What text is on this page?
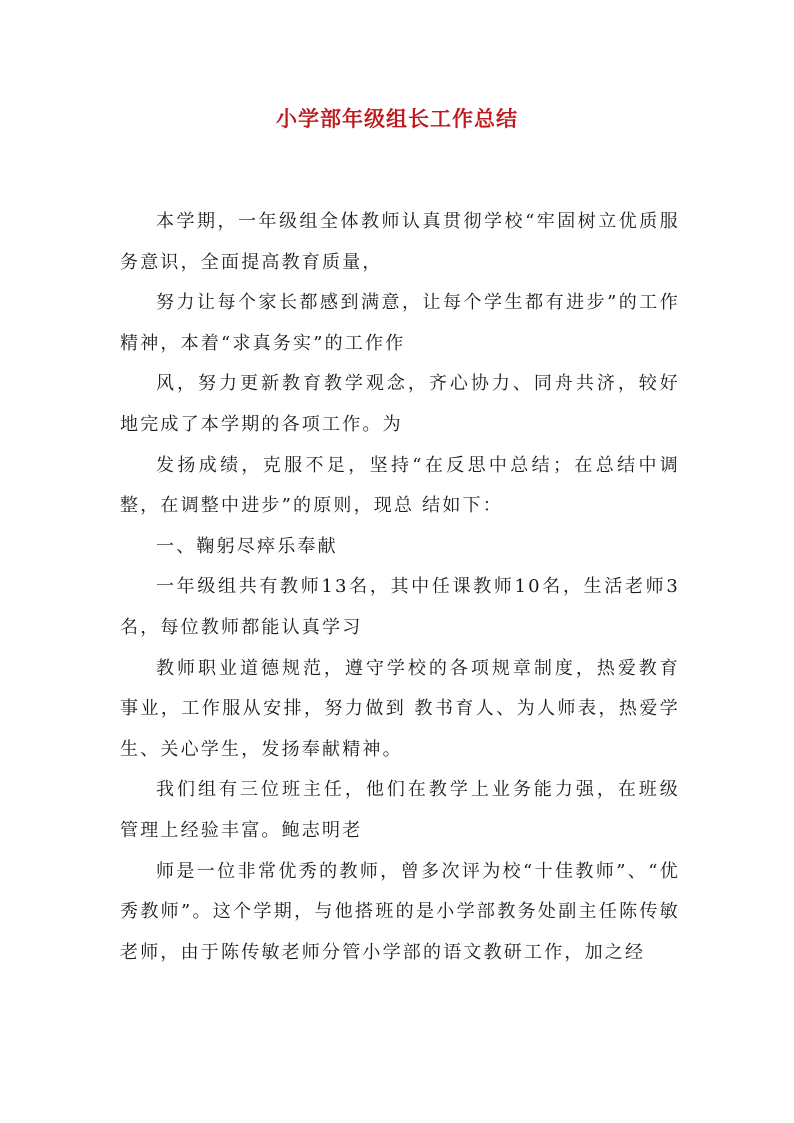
小学部年级组长工作总结

本学期，一年级组全体教师认真贯彻学校“牢固树立优质服务意识，全面提高教育质量，

努力让每个家长都感到满意，让每个学生都有进步”的工作精神，本着“求真务实”的工作作

风，努力更新教育教学观念，齐心协力、同舟共济，较好地完成了本学期的各项工作。为

发扬成绩，克服不足，坚持“在反思中总结；在总结中调整，在调整中进步”的原则，现总 结如下：

一、鞠躬尽瘁乐奉献

一年级组共有教师13名，其中任课教师10名，生活老师3名，每位教师都能认真学习

教师职业道德规范，遵守学校的各项规章制度，热爱教育事业，工作服从安排，努力做到 教书育人、为人师表，热爱学生、关心学生，发扬奉献精神。

我们组有三位班主任，他们在教学上业务能力强，在班级管理上经验丰富。鲍志明老

师是一位非常优秀的教师，曾多次评为校“十佳教师”、“优秀教师”。这个学期，与他搭班的是小学部教务处副主任陈传敏老师，由于陈传敏老师分管小学部的语文教研工作，加之经
